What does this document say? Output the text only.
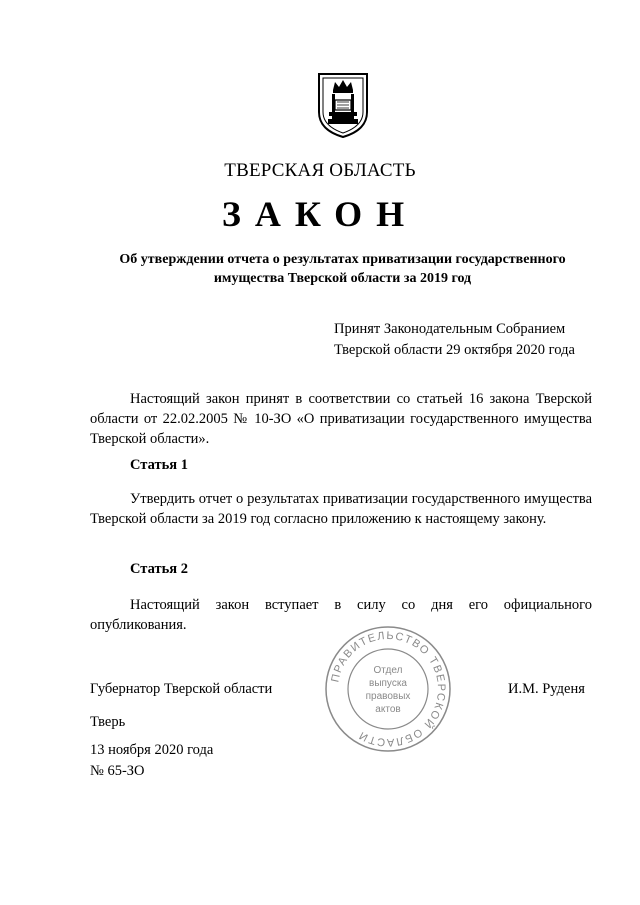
ТВЕРСКАЯ ОБЛАСТЬ
ЗАКОН
Об утверждении отчета о результатах приватизации государственного
имущества Тверской области за 2019 год
Принят Законодательным Собранием
Тверской области 29 октября 2020 года
Настоящий закон принят в соответствии со статьей 16 закона Тверской области от 22.02.2005 № 10-ЗО «О приватизации государственного имущества Тверской области».
Статья 1
Утвердить отчет о результатах приватизации государственного имущества Тверской области за 2019 год согласно приложению к настоящему закону.
Статья 2
Настоящий закон вступает в силу со дня его официального опубликования.
ПРАВИТЕЛЬСТВО ТВЕРСКОЙ ОБЛАСТИ
Отдел
выпуска
правовых
актов
Губернатор Тверской области	И.М. Руденя
Тверь
13 ноября 2020 года
№ 65-ЗО
